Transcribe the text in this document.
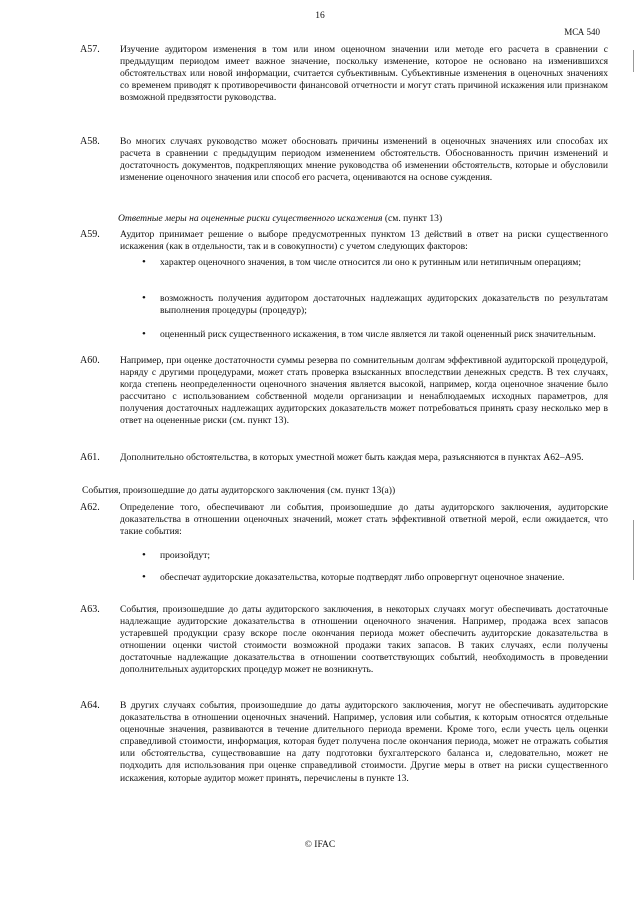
16
МСА 540
A57. Изучение аудитором изменения в том или ином оценочном значении или методе его расчета в сравнении с предыдущим периодом имеет важное значение, поскольку изменение, которое не основано на изменившихся обстоятельствах или новой информации, считается субъективным. Субъективные изменения в оценочных значениях со временем приводят к противоречивости финансовой отчетности и могут стать причиной искажения или признаком возможной предвзятости руководства.
A58. Во многих случаях руководство может обосновать причины изменений в оценочных значениях или способах их расчета в сравнении с предыдущим периодом изменением обстоятельств. Обоснованность причин изменений и достаточность документов, подкрепляющих мнение руководства об изменении обстоятельств, которые и обусловили изменение оценочного значения или способ его расчета, оцениваются на основе суждения.
Ответные меры на оцененные риски существенного искажения (см. пункт 13)
A59. Аудитор принимает решение о выборе предусмотренных пунктом 13 действий в ответ на риски существенного искажения (как в отдельности, так и в совокупности) с учетом следующих факторов:
• характер оценочного значения, в том числе относится ли оно к рутинным или нетипичным операциям;
• возможность получения аудитором достаточных надлежащих аудиторских доказательств по результатам выполнения процедуры (процедур);
• оцененный риск существенного искажения, в том числе является ли такой оцененный риск значительным.
A60. Например, при оценке достаточности суммы резерва по сомнительным долгам эффективной аудиторской процедурой, наряду с другими процедурами, может стать проверка взысканных впоследствии денежных средств. В тех случаях, когда степень неопределенности оценочного значения является высокой, например, когда оценочное значение было рассчитано с использованием собственной модели организации и ненаблюдаемых исходных параметров, для получения достаточных надлежащих аудиторских доказательств может потребоваться принять сразу несколько мер в ответ на оцененные риски (см. пункт 13).
A61. Дополнительно обстоятельства, в которых уместной может быть каждая мера, разъясняются в пунктах А62–А95.
События, произошедшие до даты аудиторского заключения (см. пункт 13(a))
A62. Определение того, обеспечивают ли события, произошедшие до даты аудиторского заключения, аудиторские доказательства в отношении оценочных значений, может стать эффективной ответной мерой, если ожидается, что такие события:
• произойдут;
• обеспечат аудиторские доказательства, которые подтвердят либо опровергнут оценочное значение.
A63. События, произошедшие до даты аудиторского заключения, в некоторых случаях могут обеспечивать достаточные надлежащие аудиторские доказательства в отношении оценочного значения. Например, продажа всех запасов устаревшей продукции сразу вскоре после окончания периода может обеспечить аудиторские доказательства в отношении оценки чистой стоимости возможной продажи таких запасов. В таких случаях, если получены достаточные надлежащие доказательства в отношении соответствующих событий, необходимость в проведении дополнительных аудиторских процедур может не возникнуть.
A64. В других случаях события, произошедшие до даты аудиторского заключения, могут не обеспечивать аудиторские доказательства в отношении оценочных значений. Например, условия или события, к которым относятся отдельные оценочные значения, развиваются в течение длительного периода времени. Кроме того, если учесть цель оценки справедливой стоимости, информация, которая будет получена после окончания периода, может не отражать события или обстоятельства, существовавшие на дату подготовки бухгалтерского баланса и, следовательно, может не подходить для использования при оценке справедливой стоимости. Другие меры в ответ на риски существенного искажения, которые аудитор может принять, перечислены в пункте 13.
© IFAC
